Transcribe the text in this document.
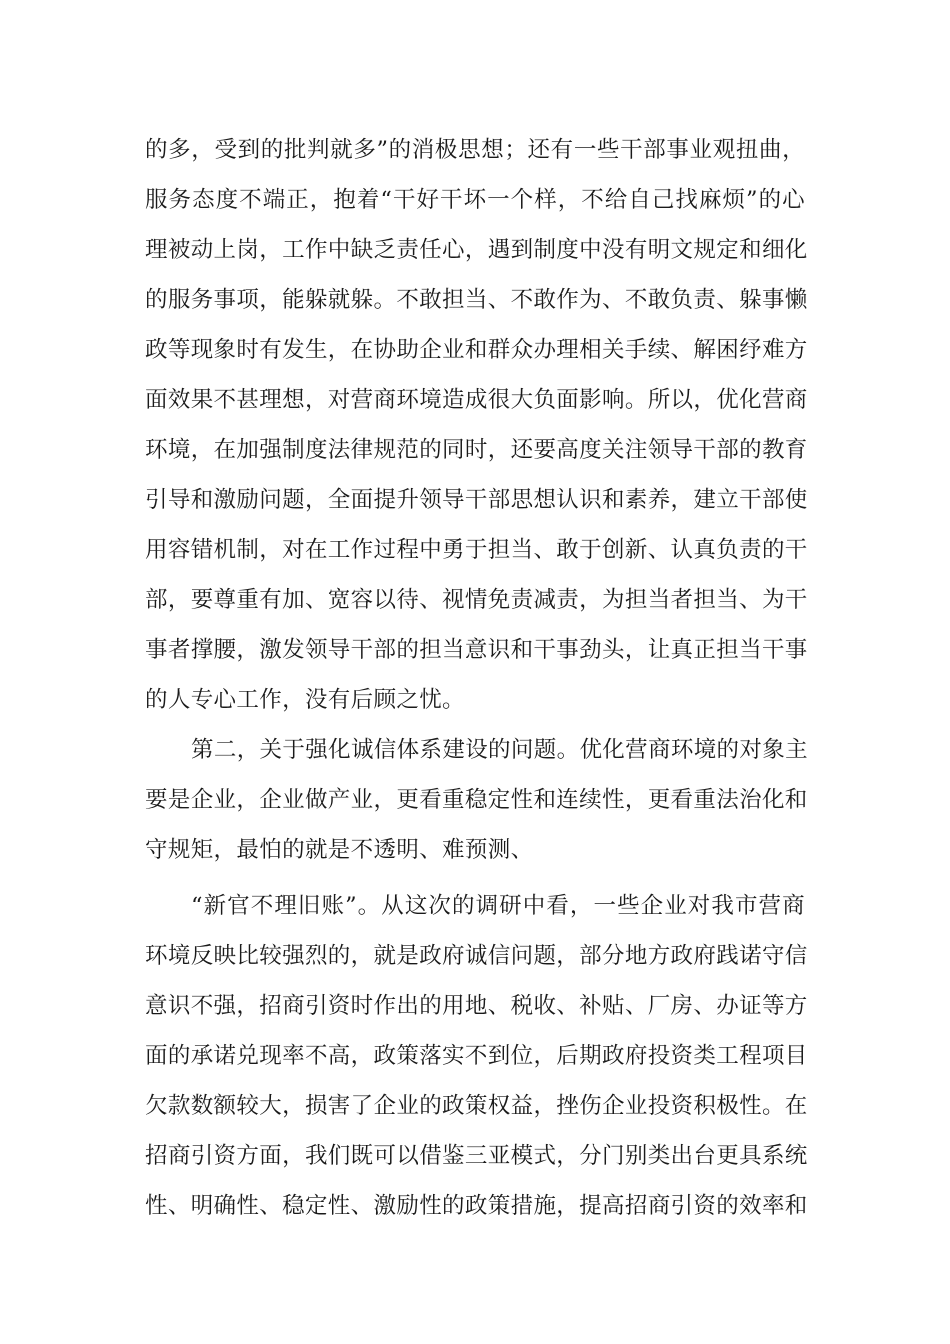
的多，受到的批判就多”的消极思想；还有一些干部事业观扭曲，
服务态度不端正，抱着“干好干坏一个样，不给自己找麻烦”的心
理被动上岗，工作中缺乏责任心，遇到制度中没有明文规定和细化
的服务事项，能躲就躲。不敢担当、不敢作为、不敢负责、躲事懒
政等现象时有发生，在协助企业和群众办理相关手续、解困纾难方
面效果不甚理想，对营商环境造成很大负面影响。所以，优化营商
环境，在加强制度法律规范的同时，还要高度关注领导干部的教育
引导和激励问题，全面提升领导干部思想认识和素养，建立干部使
用容错机制，对在工作过程中勇于担当、敢于创新、认真负责的干
部，要尊重有加、宽容以待、视情免责减责，为担当者担当、为干
事者撑腰，激发领导干部的担当意识和干事劲头，让真正担当干事
的人专心工作，没有后顾之忧。
第二，关于强化诚信体系建设的问题。优化营商环境的对象主
要是企业，企业做产业，更看重稳定性和连续性，更看重法治化和
守规矩，最怕的就是不透明、难预测、
“新官不理旧账”。从这次的调研中看，一些企业对我市营商
环境反映比较强烈的，就是政府诚信问题，部分地方政府践诺守信
意识不强，招商引资时作出的用地、税收、补贴、厂房、办证等方
面的承诺兑现率不高，政策落实不到位，后期政府投资类工程项目
欠款数额较大，损害了企业的政策权益，挫伤企业投资积极性。在
招商引资方面，我们既可以借鉴三亚模式，分门别类出台更具系统
性、明确性、稳定性、激励性的政策措施，提高招商引资的效率和
